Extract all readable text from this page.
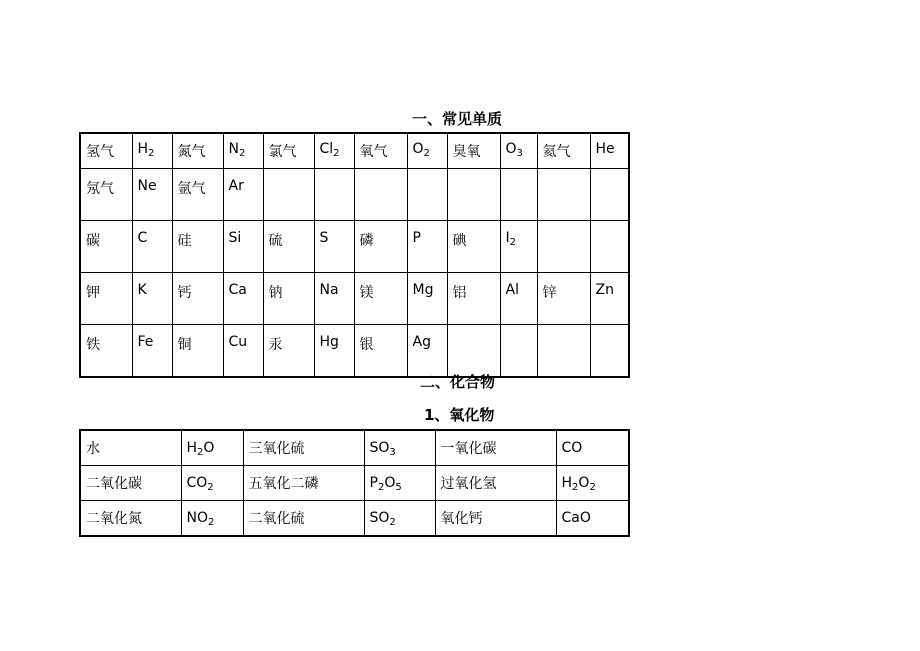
一、常见单质
氢气	$H_2$	氮气	$N_2$	氯气	$Cl_2$	氧气	$O_2$	臭氧	$O_3$	氦气	He

氖气	Ne	氩气	Ar								

碳	C	硅	Si	硫	S	磷	P	碘	$I_2$

钾	K	钙	Ca	钠	Na	镁	Mg	铝	Al	锌	Zn

铁	Fe	铜	Cu	汞	Hg	银	Ag				

二、化合物
1、氧化物
水	$H_2O$	三氧化硫	$SO_3$	一氧化碳	CO
二氧化碳	$CO_2$	五氧化二磷	$P_2O_5$	过氧化氢	$H_2O_2$
二氧化氮	$NO_2$	二氧化硫	$SO_2$	氧化钙	CaO
